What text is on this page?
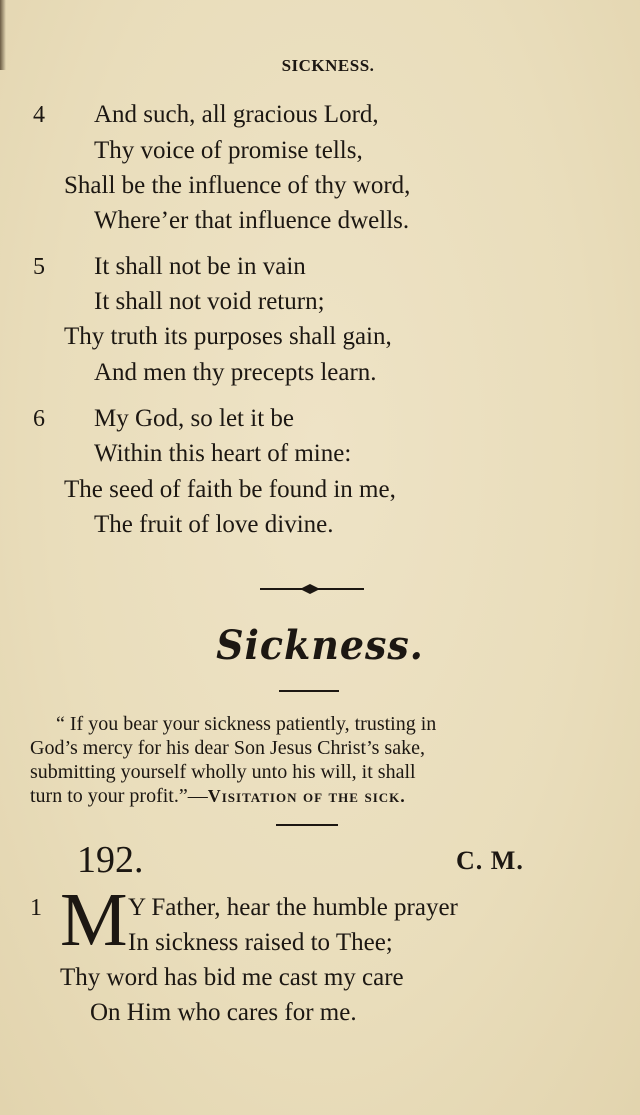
SICKNESS.
4 And such, all gracious Lord,
Thy voice of promise tells,
Shall be the influence of thy word,
Where’er that influence dwells.
5 It shall not be in vain
It shall not void return;
Thy truth its purposes shall gain,
And men thy precepts learn.
6 My God, so let it be
Within this heart of mine:
The seed of faith be found in me,
The fruit of love divine.
Sickness.
“ If you bear your sickness patiently, trusting in
God’s mercy for his dear Son Jesus Christ’s sake,
submitting yourself wholly unto his will, it shall
turn to your profit.”—Visitation of the sick.
192.	C. M.
1 M Y Father, hear the humble prayer
In sickness raised to Thee;
Thy word has bid me cast my care
On Him who cares for me.
